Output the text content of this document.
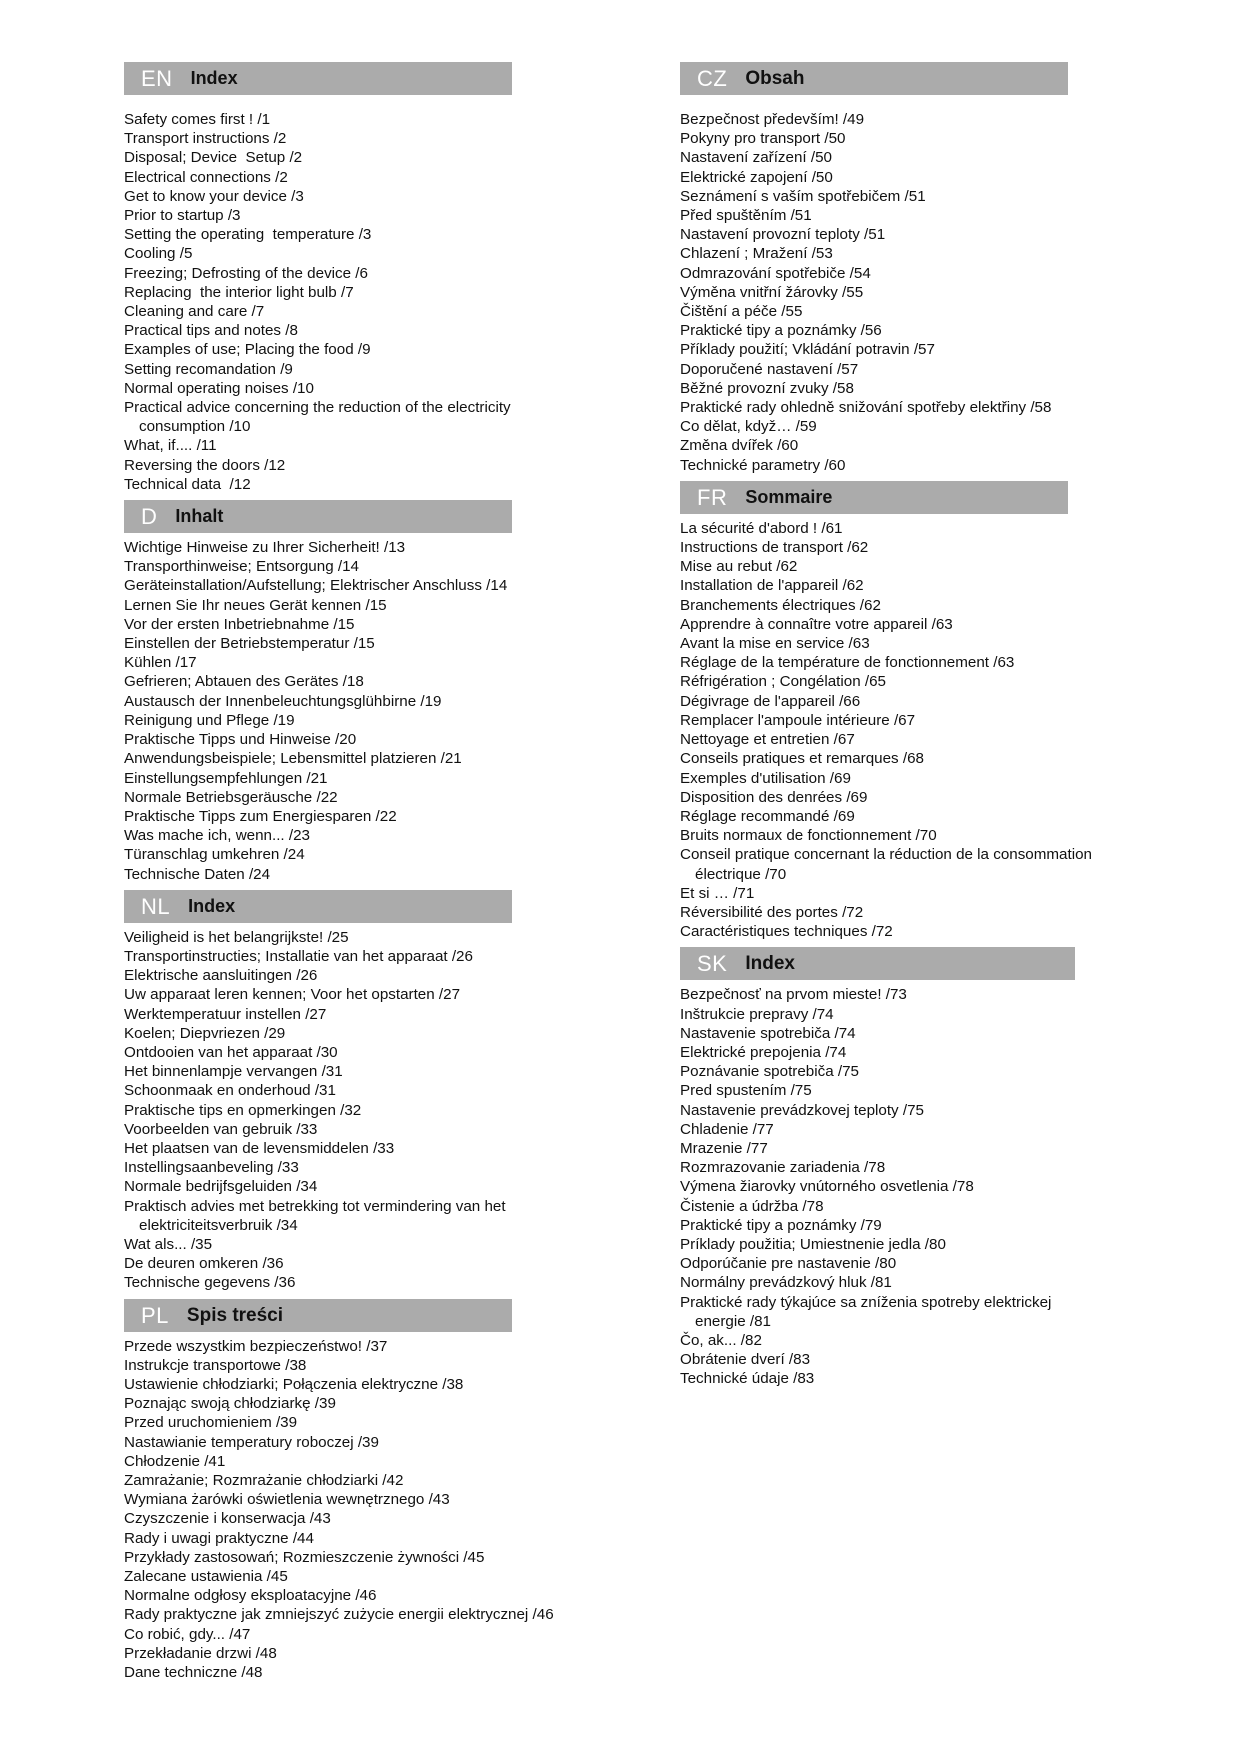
EN Index
Safety comes first ! /1
Transport instructions /2
Disposal; Device  Setup /2
Electrical connections /2
Get to know your device /3
Prior to startup /3
Setting the operating  temperature /3
Cooling /5
Freezing; Defrosting of the device /6
Replacing  the interior light bulb /7
Cleaning and care /7
Practical tips and notes /8
Examples of use; Placing the food /9
Setting recomandation /9
Normal operating noises /10
Practical advice concerning the reduction of the electricity
consumption /10
What, if.... /11
Reversing the doors /12
Technical data  /12
D Inhalt
Wichtige Hinweise zu Ihrer Sicherheit! /13
Transporthinweise; Entsorgung /14
Geräteinstallation/Aufstellung; Elektrischer Anschluss /14
Lernen Sie Ihr neues Gerät kennen /15
Vor der ersten Inbetriebnahme /15
Einstellen der Betriebstemperatur /15
Kühlen /17
Gefrieren; Abtauen des Gerätes /18
Austausch der Innenbeleuchtungsglühbirne /19
Reinigung und Pflege /19
Praktische Tipps und Hinweise /20
Anwendungsbeispiele; Lebensmittel platzieren /21
Einstellungsempfehlungen /21
Normale Betriebsgeräusche /22
Praktische Tipps zum Energiesparen /22
Was mache ich, wenn... /23
Türanschlag umkehren /24
Technische Daten /24
NL Index
Veiligheid is het belangrijkste! /25
Transportinstructies; Installatie van het apparaat /26
Elektrische aansluitingen /26
Uw apparaat leren kennen; Voor het opstarten /27
Werktemperatuur instellen /27
Koelen; Diepvriezen /29
Ontdooien van het apparaat /30
Het binnenlampje vervangen /31
Schoonmaak en onderhoud /31
Praktische tips en opmerkingen /32
Voorbeelden van gebruik /33
Het plaatsen van de levensmiddelen /33
Instellingsaanbeveling /33
Normale bedrijfsgeluiden /34
Praktisch advies met betrekking tot vermindering van het
elektriciteitsverbruik /34
Wat als... /35
De deuren omkeren /36
Technische gegevens /36
PL Spis treści
Przede wszystkim bezpieczeństwo! /37
Instrukcje transportowe /38
Ustawienie chłodziarki; Połączenia elektryczne /38
Poznając swoją chłodziarkę /39
Przed uruchomieniem /39
Nastawianie temperatury roboczej /39
Chłodzenie /41
Zamrażanie; Rozmrażanie chłodziarki /42
Wymiana żarówki oświetlenia wewnętrznego /43
Czyszczenie i konserwacja /43
Rady i uwagi praktyczne /44
Przykłady zastosowań; Rozmieszczenie żywności /45
Zalecane ustawienia /45
Normalne odgłosy eksploatacyjne /46
Rady praktyczne jak zmniejszyć zużycie energii elektrycznej /46
Co robić, gdy... /47
Przekładanie drzwi /48
Dane techniczne /48
CZ Obsah
Bezpečnost především! /49
Pokyny pro transport /50
Nastavení zařízení /50
Elektrické zapojení /50
Seznámení s vaším spotřebičem /51
Před spuštěním /51
Nastavení provozní teploty /51
Chlazení ; Mražení /53
Odmrazování spotřebiče /54
Výměna vnitřní žárovky /55
Čištění a péče /55
Praktické tipy a poznámky /56
Příklady použití; Vkládání potravin /57
Doporučené nastavení /57
Běžné provozní zvuky /58
Praktické rady ohledně snižování spotřeby elektřiny /58
Co dělat, když… /59
Změna dvířek /60
Technické parametry /60
FR Sommaire
La sécurité d'abord ! /61
Instructions de transport /62
Mise au rebut /62
Installation de l'appareil /62
Branchements électriques /62
Apprendre à connaître votre appareil /63
Avant la mise en service /63
Réglage de la température de fonctionnement /63
Réfrigération ; Congélation /65
Dégivrage de l'appareil /66
Remplacer l'ampoule intérieure /67
Nettoyage et entretien /67
Conseils pratiques et remarques /68
Exemples d'utilisation /69
Disposition des denrées /69
Réglage recommandé /69
Bruits normaux de fonctionnement /70
Conseil pratique concernant la réduction de la consommation
électrique /70
Et si … /71
Réversibilité des portes /72
Caractéristiques techniques /72
SK Index
Bezpečnosť na prvom mieste! /73
Inštrukcie prepravy /74
Nastavenie spotrebiča /74
Elektrické prepojenia /74
Poznávanie spotrebiča /75
Pred spustením /75
Nastavenie prevádzkovej teploty /75
Chladenie /77
Mrazenie /77
Rozmrazovanie zariadenia /78
Výmena žiarovky vnútorného osvetlenia /78
Čistenie a údržba /78
Praktické tipy a poznámky /79
Príklady použitia; Umiestnenie jedla /80
Odporúčanie pre nastavenie /80
Normálny prevádzkový hluk /81
Praktické rady týkajúce sa zníženia spotreby elektrickej
energie /81
Čo, ak... /82
Obrátenie dverí /83
Technické údaje /83
